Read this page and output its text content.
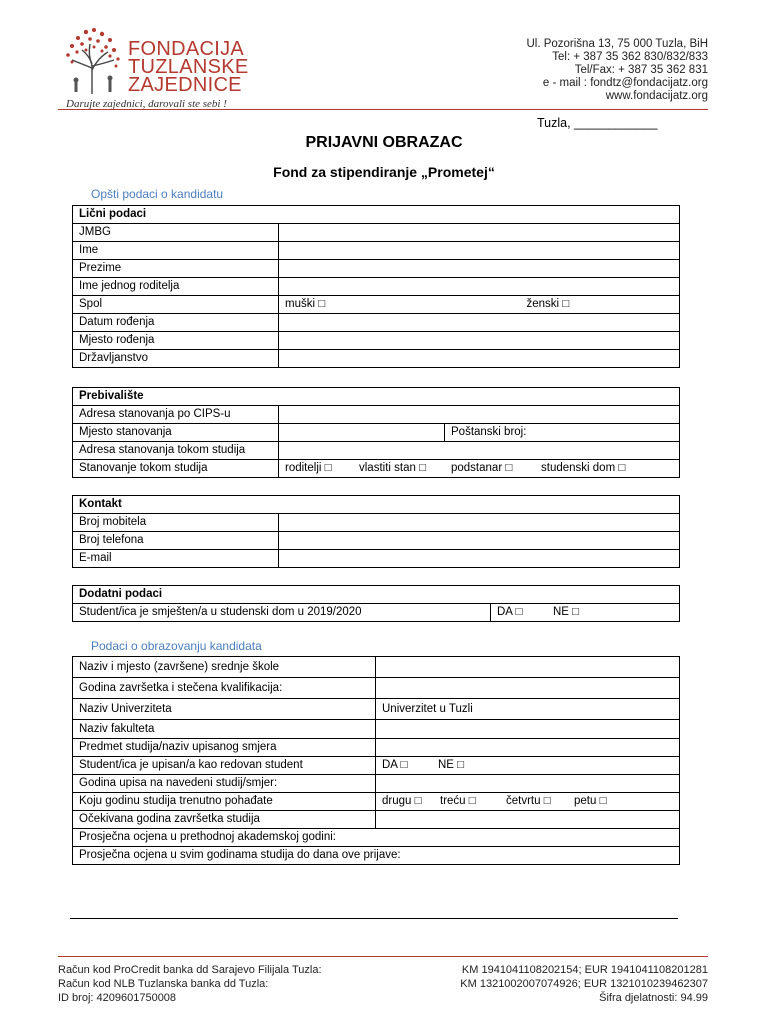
FONDACIJA
TUZLANSKE
ZAJEDNICE
Darujte zajednici, darovali ste sebi !
Ul. Pozorišna 13, 75 000 Tuzla, BiH
Tel: + 387 35 362 830/832/833
Tel/Fax: + 387 35 362 831
e - mail : fondtz@fondacijatz.org
www.fondacijatz.org
Tuzla, ____________
PRIJAVNI OBRAZAC
Fond za stipendiranje „Prometej“
Opšti podaci o kandidatu
Lični podaci		
JMBG		
Ime		
Prezime		
Ime jednog roditelja		
Spol	muški □	ženski □
Datum rođenja		
Mjesto rođenja		
Državljanstvo		
Prebivalište		
Adresa stanovanja po CIPS-u		
Mjesto stanovanja		Poštanski broj:
Adresa stanovanja tokom studija		
Stanovanje tokom studija	roditelji □ vlastiti stan □ podstanar □ studenski dom □	
Kontakt	
Broj mobitela	
Broj telefona	
E-mail	
Dodatni podaci
Student/ica je smješten/a u studenski dom u 2019/2020	DA □	NE □
Podaci o obrazovanju kandidata
Naziv i mjesto (završene) srednje škole	
Godina završetka i stečena kvalifikacija:	
Naziv Univerziteta	Univerzitet u Tuzli
Naziv fakulteta	
Predmet studija/naziv upisanog smjera	
Student/ica je upisan/a kao redovan student	DA □ NE □
Godina upisa na navedeni studij/smjer:	
Koju godinu studija trenutno pohađate	drugu □ treću □ četvrtu □ petu □
Očekivana godina završetka studija	
Prosječna ocjena u prethodnoj akademskoj godini:	
Prosječna ocjena u svim godinama studija do dana ove prijave:	
Račun kod ProCredit banka dd Sarajevo Filijala Tuzla:
Račun kod NLB Tuzlanska banka dd Tuzla:
ID broj: 4209601750008
KM 1941041108202154; EUR 1941041108201281
KM 1321002007074926; EUR 1321010239462307
Šifra djelatnosti: 94.99
